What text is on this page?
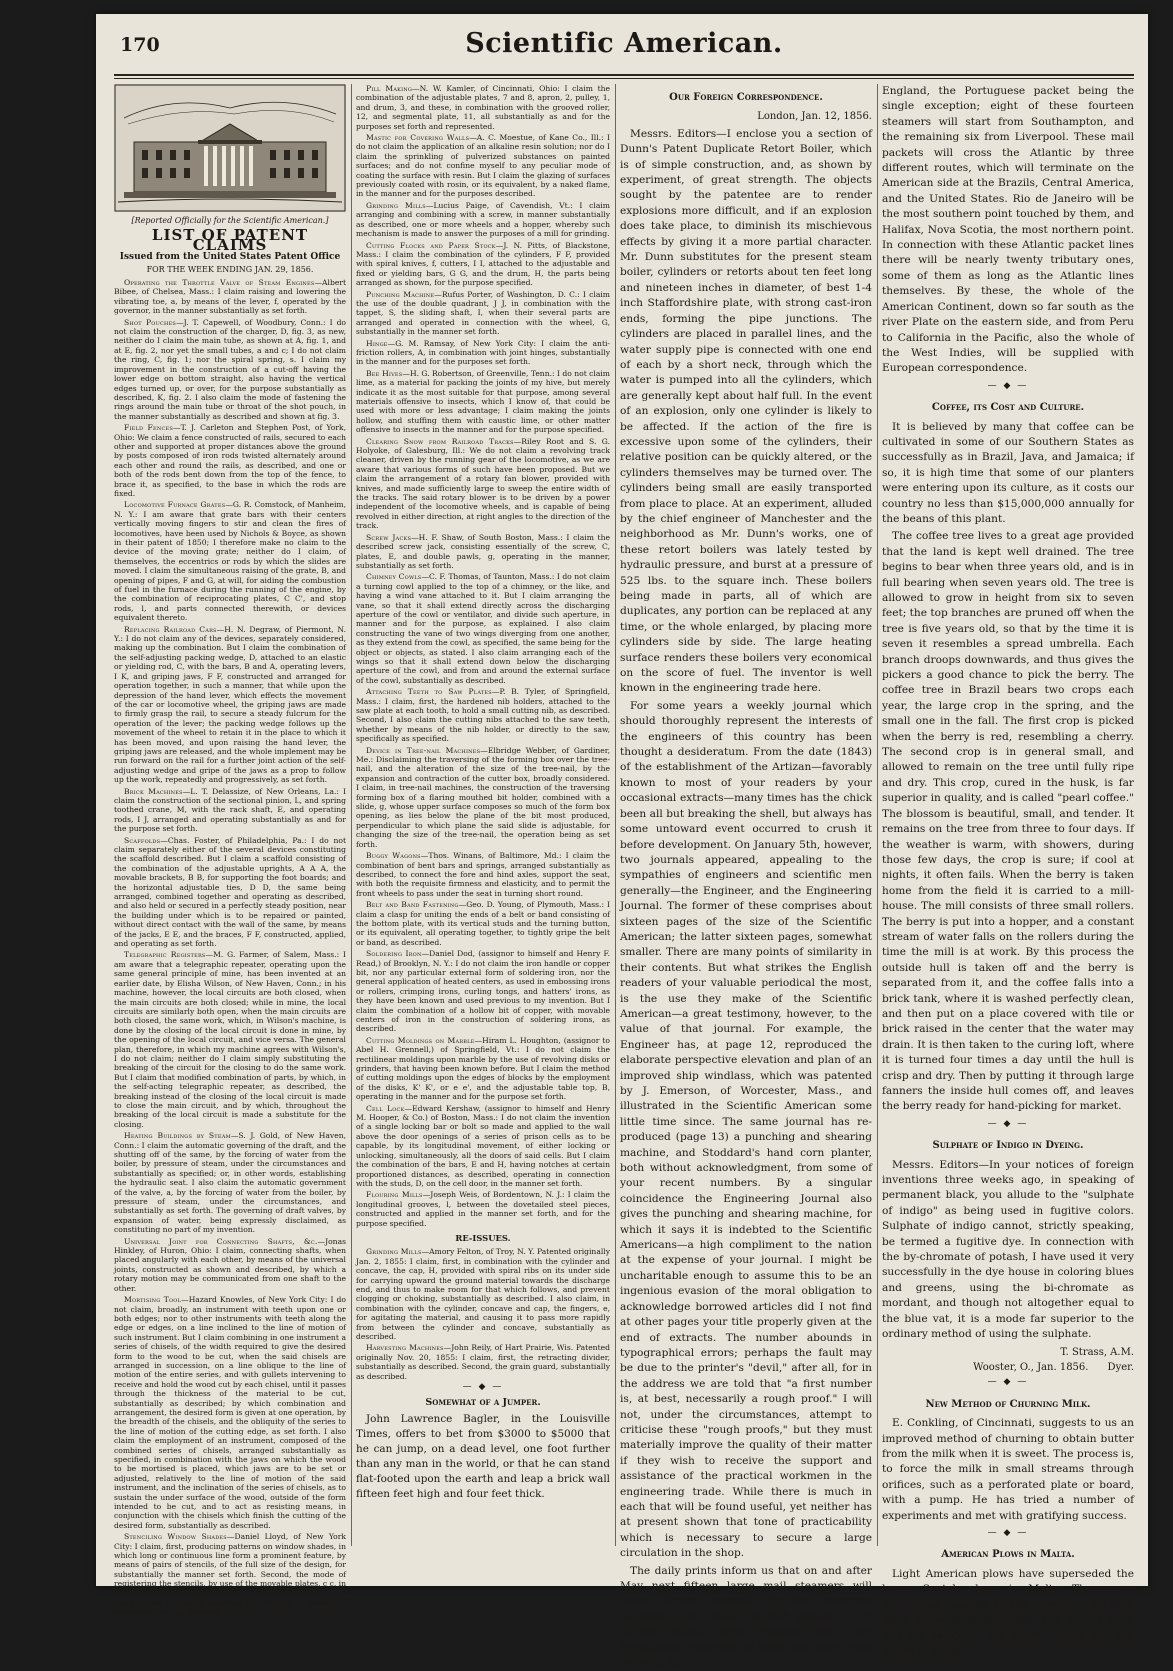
170	Scientific American.
[Reported Officially for the Scientific American.]
LIST OF PATENT CLAIMS
Issued from the United States Patent Office
FOR THE WEEK ENDING JAN. 29, 1856.

Operating the Throttle Valve of Steam Engines—Albert Bibee, of Chelsea, Mass.: I claim raising and lowering the vibrating toe, a, by means of the lever, f, operated by the governor, in the manner substantially as set forth.

Shot Pouches—J. T. Capewell, of Woodbury, Conn.: I do not claim the construction of the charger, D, fig. 3, as new, neither do I claim the main tube, as shown at A, fig. 1, and at E, fig. 2, nor yet the small tubes, a and c; I do not claim the ring, C, fig. 1; nor the spiral spring, s. I claim my improvement in the construction of a cut-off having the lower edge on bottom straight, also having the vertical edges turned up, or over, for the purpose substantially as described, K, fig. 2. I also claim the mode of fastening the rings around the main tube or throat of the shot pouch, in the manner substantially as described and shown at fig. 3.

Field Fences—T. J. Carleton and Stephen Post, of York, Ohio: We claim a fence constructed of rails, secured to each other and supported at proper distances above the ground by posts composed of iron rods twisted alternately around each other and round the rails, as described, and one or both of the rods bent down from the top of the fence, to brace it, as specified, to the base in which the rods are fixed.

Locomotive Furnace Grates—G. R. Comstock, of Manheim, N. Y.: I am aware that grate bars with their centers vertically moving fingers to stir and clean the fires of locomotives, have been used by Nichols & Boyce, as shown in their patent of 1850; I therefore make no claim to the device of the moving grate; neither do I claim, of themselves, the eccentrics or rods by which the slides are moved. I claim the simultaneous raising of the grate, B, and opening of pipes, F and G, at will, for aiding the combustion of fuel in the furnace during the running of the engine, by the combination of reciprocating plates, C C', and stop rods, l, and parts connected therewith, or devices equivalent thereto.

Replacing Railroad Cars—H. N. Degraw, of Piermont, N. Y.: I do not claim any of the devices, separately considered, making up the combination. But I claim the combination of the self-adjusting packing wedge, D, attached to an elastic or yielding rod, C, with the bars, B and A, operating levers, I K, and griping jaws, F F, constructed and arranged for operation together, in such a manner, that while upon the depression of the hand lever, which effects the movement of the car or locomotive wheel, the griping jaws are made to firmly grasp the rail, to secure a steady fulcrum for the operation of the lever; the packing wedge follows up the movement of the wheel to retain it in the place to which it has been moved, and upon raising the hand lever, the griping jaws are released, and the whole implement may be run forward on the rail for a further joint action of the self-adjusting wedge and gripe of the jaws as a prop to follow up the work, repeatedly and progressively, as set forth.

Brick Machines—L. T. Delassize, of New Orleans, La.: I claim the construction of the sectional pinion, L, and spring toothed crane, M, with the rack shaft, E, and operating rods, I J, arranged and operating substantially as and for the purpose set forth.

Scaffolds—Chas. Foster, of Philadelphia, Pa.: I do not claim separately either of the several devices constituting the scaffold described. But I claim a scaffold consisting of the combination of the adjustable uprights, A A A, the movable brackets, B B, for supporting the foot boards; and the horizontal adjustable ties, D D, the same being arranged, combined together and operating as described, and also held or secured in a perfectly steady position, near the building under which is to be repaired or painted, without direct contact with the wall of the same, by means of the jacks, E E, and the braces, F F, constructed, applied, and operating as set forth.

Telegraphic Registers—M. G. Farmer, of Salem, Mass.: I am aware that a telegraphic repeater, operating upon the same general principle of mine, has been invented at an earlier date, by Elisha Wilson, of New Haven, Conn.; in his machine, however, the local circuits are both closed, when the main circuits are both closed; while in mine, the local circuits are similarly both open, when the main circuits are both closed, the same work, which, in Wilson's machine, is done by the closing of the local circuit is done in mine, by the opening of the local circuit, and vice versa. The general plan, therefore, in which my machine agrees with Wilson's, I do not claim; neither do I claim simply substituting the breaking of the circuit for the closing to do the same work. But I claim that modified combination of parts, by which, in the self-acting telegraphic repeater, as described, the breaking instead of the closing of the local circuit is made to close the main circuit, and by which, throughout the breaking of the local circuit is made a substitute for the closing.

Heating Buildings by Steam—S. J. Gold, of New Haven, Conn.: I claim the automatic governing of the draft, and the shutting off of the same, by the forcing of water from the boiler, by pressure of steam, under the circumstances and substantially as specified; or, in other words, establishing the hydraulic seat. I also claim the automatic government of the valve, a, by the forcing of water from the boiler, by pressure of steam, under the circumstances, and substantially as set forth. The governing of draft valves, by expansion of water, being expressly disclaimed, as constituting no part of my invention.

Universal Joint for Connecting Shafts, &c.—Jonas Hinkley, of Huron, Ohio: I claim, connecting shafts, when placed angularly with each other, by means of the universal joints, constructed as shown and described, by which a rotary motion may be communicated from one shaft to the other.

Mortising Tool—Hazard Knowles, of New York City: I do not claim, broadly, an instrument with teeth upon one or both edges; nor to other instruments with teeth along the edge or edges, on a line inclined to the line of motion of such instrument. But I claim combining in one instrument a series of chisels, of the width required to give the desired form to the wood to be cut, when the said chisels are arranged in succession, on a line oblique to the line of motion of the entire series, and with gullets intervening to receive and hold the wood cut by each chisel, until it passes through the thickness of the material to be cut, substantially as described; by which combination and arrangement, the desired form is given at one operation, by the breadth of the chisels, and the obliquity of the series to the line of motion of the cutting edge, as set forth. I also claim the employment of an instrument, composed of the combined series of chisels, arranged substantially as specified, in combination with the jaws on which the wood to be mortised is placed, which jaws are to be set or adjusted, relatively to the line of motion of the said instrument, and the inclination of the series of chisels, as to sustain the under surface of the wood, outside of the form intended to be cut, and to act as resisting means, in conjunction with the chisels which finish the cutting of the desired form, substantially as described.

Stenciling Window Shades—Daniel Lloyd, of New York City: I claim, first, producing patterns on window shades, in which long or continuous line form a prominent feature, by means of pairs of stencils, of the full size of the design, for substantially the manner set forth. Second, the mode of registering the stencils, by use of the movable plates, c c, in combination with the fixed stops, b, or their equivalent, for the purpose of readily adapting the stencils to shades of various widths, as specified.

Pill Making—N. W. Kamler, of Cincinnati, Ohio: I claim the combination of the adjustable plates, 7 and 8, apron, 2, pulley, 1, and drum, 3, and these, in combination with the grooved roller, 12, and segmental plate, 11, all substantially as and for the purposes set forth and represented.

Mastic for Covering Walls—A. C. Moestue, of Kane Co., Ill.: I do not claim the application of an alkaline resin solution; nor do I claim the sprinkling of pulverized substances on painted surfaces; and do not confine myself to any peculiar mode of coating the surface with resin. But I claim the glazing of surfaces previously coated with rosin, or its equivalent, by a naked flame, in the manner and for the purposes described.

Grinding Mills—Lucius Paige, of Cavendish, Vt.: I claim arranging and combining with a screw, in manner substantially as described, one or more wheels and a hopper, whereby such mechanism is made to answer the purposes of a mill for grinding.

Cutting Flocks and Paper Stock—J. N. Pitts, of Blackstone, Mass.: I claim the combination of the cylinders, F F, provided with spiral knives, f, cutters, I I, attached to the adjustable and fixed or yielding bars, G G, and the drum, H, the parts being arranged as shown, for the purpose specified.

Punching Machine—Rufus Porter, of Washington, D. C.: I claim the use of the double quadrant, J J, in combination with the tappet, S, the sliding shaft, I, when their several parts are arranged and operated in connection with the wheel, G, substantially in the manner set forth.

Hinge—G. M. Ramsay, of New York City: I claim the anti-friction rollers, A, in combination with joint hinges, substantially in the manner and for the purposes set forth.

Bee Hives—H. G. Robertson, of Greenville, Tenn.: I do not claim lime, as a material for packing the joints of my hive, but merely indicate it as the most suitable for that purpose, among several materials offensive to insects, which I know of, that could be used with more or less advantage; I claim making the joints hollow, and stuffing them with caustic lime, or other matter offensive to insects in the manner and for the purpose specified.

Clearing Snow from Railroad Tracks—Riley Root and S. G. Holyoke, of Galesburg, Ill.: We do not claim a revolving track cleaner, driven by the running gear of the locomotive, as we are aware that various forms of such have been proposed. But we claim the arrangement of a rotary fan blower, provided with knives, and made sufficiently large to sweep the entire width of the tracks. The said rotary blower is to be driven by a power independent of the locomotive wheels, and is capable of being revolved in either direction, at right angles to the direction of the track.

Screw Jacks—H. F. Shaw, of South Boston, Mass.: I claim the described screw jack, consisting essentially of the screw, C, plates, E, and double pawls, g, operating in the manner, substantially as set forth.

Chimney Cowls—C. F. Thomas, of Taunton, Mass.: I do not claim a turning cowl applied to the top of a chimney, or the like, and having a wind vane attached to it. But I claim arranging the vane, so that it shall extend directly across the discharging aperture of the cowl or ventilator, and divide such aperture, in manner and for the purpose, as explained. I also claim constructing the vane of two wings diverging from one another, as they extend from the cowl, as specified, the same being for the object or objects, as stated. I also claim arranging each of the wings so that it shall extend down below the discharging aperture of the cowl, and from and around the external surface of the cowl, substantially as described.

Attaching Teeth to Saw Plates—P. B. Tyler, of Springfield, Mass.: I claim, first, the hardened nib holders, attached to the saw plate at each tooth, to hold a small cutting nib, as described. Second, I also claim the cutting nibs attached to the saw teeth, whether by means of the nib holder, or directly to the saw, specifically as specified.

Device in Tree-nail Machines—Elbridge Webber, of Gardiner, Me.: Disclaiming the traversing of the forming box over the tree-nail, and the alteration of the size of the tree-nail, by the expansion and contraction of the cutter box, broadly considered. I claim, in tree-nail machines, the construction of the traversing forming box of a flaring mouthed bit holder, combined with a slide, g, whose upper surface composes so much of the form box opening, as lies below the plane of the bit most produced, perpendicular to which plane the said slide is adjustable, for changing the size of the tree-nail, the operation being as set forth.

Buggy Wagons—Thos. Winans, of Baltimore, Md.: I claim the combination of bent bars and springs, arranged substantially as described, to connect the fore and hind axles, support the seat, with both the requisite firmness and elasticity, and to permit the front wheels to pass under the seat in turning short round.

Belt and Band Fastening—Geo. D. Young, of Plymouth, Mass.: I claim a clasp for uniting the ends of a belt or band consisting of the bottom plate, with its vertical studs and the turning button, or its equivalent, all operating together, to tightly gripe the belt or band, as described.

Soldering Iron—Daniel Dod, (assignor to himself and Henry F. Read,) of Brooklyn, N. Y.: I do not claim the iron handle or copper bit, nor any particular external form of soldering iron, nor the general application of heated centers, as used in embossing irons or rollers, crimping irons, curling tongs, and hatters' irons, as they have been known and used previous to my invention. But I claim the combination of a hollow bit of copper, with movable centers of iron in the construction of soldering irons, as described.

Cutting Moldings on Marble—Hiram L. Houghton, (assignor to Abel H. Grennell,) of Springfield, Vt.: I do not claim the rectilinear moldings upon marble by the use of revolving disks or grinders, that having been known before. But I claim the method of cutting moldings upon the edges of blocks by the employment of the disks, K' K', or e e', and the adjustable table top, B, operating in the manner and for the purpose set forth.

Cell Lock—Edward Kershaw, (assignor to himself and Henry M. Hooper, & Co.) of Boston, Mass.: I do not claim the invention of a single locking bar or bolt so made and applied to the wall above the door openings of a series of prison cells as to be capable, by its longitudinal movement, of either locking or unlocking, simultaneously, all the doors of said cells. But I claim the combination of the bars, E and H, having notches at certain proportioned distances, as described, operating in connection with the studs, D, on the cell door, in the manner set forth.

Flouring Mills—Joseph Weis, of Bordentown, N. J.: I claim the longitudinal grooves, l, between the dovetailed steel pieces, constructed and applied in the manner set forth, and for the purpose specified.

RE-ISSUES.

Grinding Mills—Amory Felton, of Troy, N. Y. Patented originally Jan. 2, 1855: I claim, first, in combination with the cylinder and concave, the cap, H, provided with spiral ribs on its under side for carrying upward the ground material towards the discharge end, and thus to make room for that which follows, and prevent clogging or choking, substantially as described. I also claim, in combination with the cylinder, concave and cap, the fingers, e, for agitating the material, and causing it to pass more rapidly from between the cylinder and concave, substantially as described.

Harvesting Machines—John Reily, of Hart Prairie, Wis. Patented originally Nov. 20, 1855: I claim, first, the retracting divider, substantially as described. Second, the grain guard, substantially as described.

— ◆ —
Somewhat of a Jumper.

John Lawrence Bagler, in the Louisville Times, offers to bet from $3000 to $5000 that he can jump, on a dead level, one foot further than any man in the world, or that he can stand flat-footed upon the earth and leap a brick wall fifteen feet high and four feet thick.

Our Foreign Correspondence.
London, Jan. 12, 1856.

Messrs. Editors—I enclose you a section of Dunn's Patent Duplicate Retort Boiler, which is of simple construction, and, as shown by experiment, of great strength. The objects sought by the patentee are to render explosions more difficult, and if an explosion does take place, to diminish its mischievous effects by giving it a more partial character. Mr. Dunn substitutes for the present steam boiler, cylinders or retorts about ten feet long and nineteen inches in diameter, of best 1-4 inch Staffordshire plate, with strong cast-iron ends, forming the pipe junctions. The cylinders are placed in parallel lines, and the water supply pipe is connected with one end of each by a short neck, through which the water is pumped into all the cylinders, which are generally kept about half full. In the event of an explosion, only one cylinder is likely to be affected. If the action of the fire is excessive upon some of the cylinders, their relative position can be quickly altered, or the cylinders themselves may be turned over. The cylinders being small are easily transported from place to place. At an experiment, alluded by the chief engineer of Manchester and the neighborhood as Mr. Dunn's works, one of these retort boilers was lately tested by hydraulic pressure, and burst at a pressure of 525 lbs. to the square inch. These boilers being made in parts, all of which are duplicates, any portion can be replaced at any time, or the whole enlarged, by placing more cylinders side by side. The large heating surface renders these boilers very economical on the score of fuel. The inventor is well known in the engineering trade here.

For some years a weekly journal which should thoroughly represent the interests of the engineers of this country has been thought a desideratum. From the date (1843) of the establishment of the Artizan—favorably known to most of your readers by your occasional extracts—many times has the chick been all but breaking the shell, but always has some untoward event occurred to crush it before development. On January 5th, however, two journals appeared, appealing to the sympathies of engineers and scientific men generally—the Engineer, and the Engineering Journal. The former of these comprises about sixteen pages of the size of the Scientific American; the latter sixteen pages, somewhat smaller. There are many points of similarity in their contents. But what strikes the English readers of your valuable periodical the most, is the use they make of the Scientific American—a great testimony, however, to the value of that journal. For example, the Engineer has, at page 12, reproduced the elaborate perspective elevation and plan of an improved ship windlass, which was patented by J. Emerson, of Worcester, Mass., and illustrated in the Scientific American some little time since. The same journal has re-produced (page 13) a punching and shearing machine, and Stoddard's hand corn planter, both without acknowledgment, from some of your recent numbers. By a singular coincidence the Engineering Journal also gives the punching and shearing machine, for which it says it is indebted to the Scientific Americans—a high compliment to the nation at the expense of your journal. I might be uncharitable enough to assume this to be an ingenious evasion of the moral obligation to acknowledge borrowed articles did I not find at other pages your title properly given at the end of extracts. The number abounds in typographical errors; perhaps the fault may be due to the printer's "devil," after all, for in the address we are told that "a first number is, at best, necessarily a rough proof." I will not, under the circumstances, attempt to criticise these "rough proofs," but they must materially improve the quality of their matter if they wish to receive the support and assistance of the practical workmen in the engineering trade. While there is much in each that will be found useful, yet neither has at present shown that tone of practicability which is necessary to secure a large circulation in the shop.

The daily prints inform us that on and after May next fifteen large mail steamers will leave Europe monthly for the American continent, viz.: seven English packets, four United States, three Belgian, and four Portuguese. Fourteen of these will start from or touch at

England, the Portuguese packet being the single exception; eight of these fourteen steamers will start from Southampton, and the remaining six from Liverpool. These mail packets will cross the Atlantic by three different routes, which will terminate on the American side at the Brazils, Central America, and the United States. Rio de Janeiro will be the most southern point touched by them, and Halifax, Nova Scotia, the most northern point. In connection with these Atlantic packet lines there will be nearly twenty tributary ones, some of them as long as the Atlantic lines themselves. By these, the whole of the American Continent, down so far south as the river Plate on the eastern side, and from Peru to California in the Pacific, also the whole of the West Indies, will be supplied with European correspondence.

— ◆ —
Coffee, its Cost and Culture.

It is believed by many that coffee can be cultivated in some of our Southern States as successfully as in Brazil, Java, and Jamaica; if so, it is high time that some of our planters were entering upon its culture, as it costs our country no less than $15,000,000 annually for the beans of this plant.

The coffee tree lives to a great age provided that the land is kept well drained. The tree begins to bear when three years old, and is in full bearing when seven years old. The tree is allowed to grow in height from six to seven feet; the top branches are pruned off when the tree is five years old, so that by the time it is seven it resembles a spread umbrella. Each branch droops downwards, and thus gives the pickers a good chance to pick the berry. The coffee tree in Brazil bears two crops each year, the large crop in the spring, and the small one in the fall. The first crop is picked when the berry is red, resembling a cherry. The second crop is in general small, and allowed to remain on the tree until fully ripe and dry. This crop, cured in the husk, is far superior in quality, and is called "pearl coffee." The blossom is beautiful, small, and tender. It remains on the tree from three to four days. If the weather is warm, with showers, during those few days, the crop is sure; if cool at nights, it often fails. When the berry is taken home from the field it is carried to a mill-house. The mill consists of three small rollers. The berry is put into a hopper, and a constant stream of water falls on the rollers during the time the mill is at work. By this process the outside hull is taken off and the berry is separated from it, and the coffee falls into a brick tank, where it is washed perfectly clean, and then put on a place covered with tile or brick raised in the center that the water may drain. It is then taken to the curing loft, where it is turned four times a day until the hull is crisp and dry. Then by putting it through large fanners the inside hull comes off, and leaves the berry ready for hand-picking for market.

— ◆ —
Sulphate of Indigo in Dyeing.

Messrs. Editors—In your notices of foreign inventions three weeks ago, in speaking of permanent black, you allude to the "sulphate of indigo" as being used in fugitive colors. Sulphate of indigo cannot, strictly speaking, be termed a fugitive dye. In connection with the by-chromate of potash, I have used it very successfully in the dye house in coloring blues and greens, using the bi-chromate as mordant, and though not altogether equal to the blue vat, it is a mode far superior to the ordinary method of using the sulphate.

T. Strass, A.M.
Wooster, O., Jan. 1856. Dyer.
— ◆ —
New Method of Churning Milk.

E. Conkling, of Cincinnati, suggests to us an improved method of churning to obtain butter from the milk when it is sweet. The process is, to force the milk in small streams through orifices, such as a perforated plate or board, with a pump. He has tried a number of experiments and met with gratifying success.

— ◆ —
American Plows in Malta.

Light American plows have superseded the heavy Scotch plows in Malta. They were introduced recently by the Governor, Sir Wm. Reid, formerly of Bermuda. The Scotch plow was too heavy for the warm climate and the mules of Malta.
